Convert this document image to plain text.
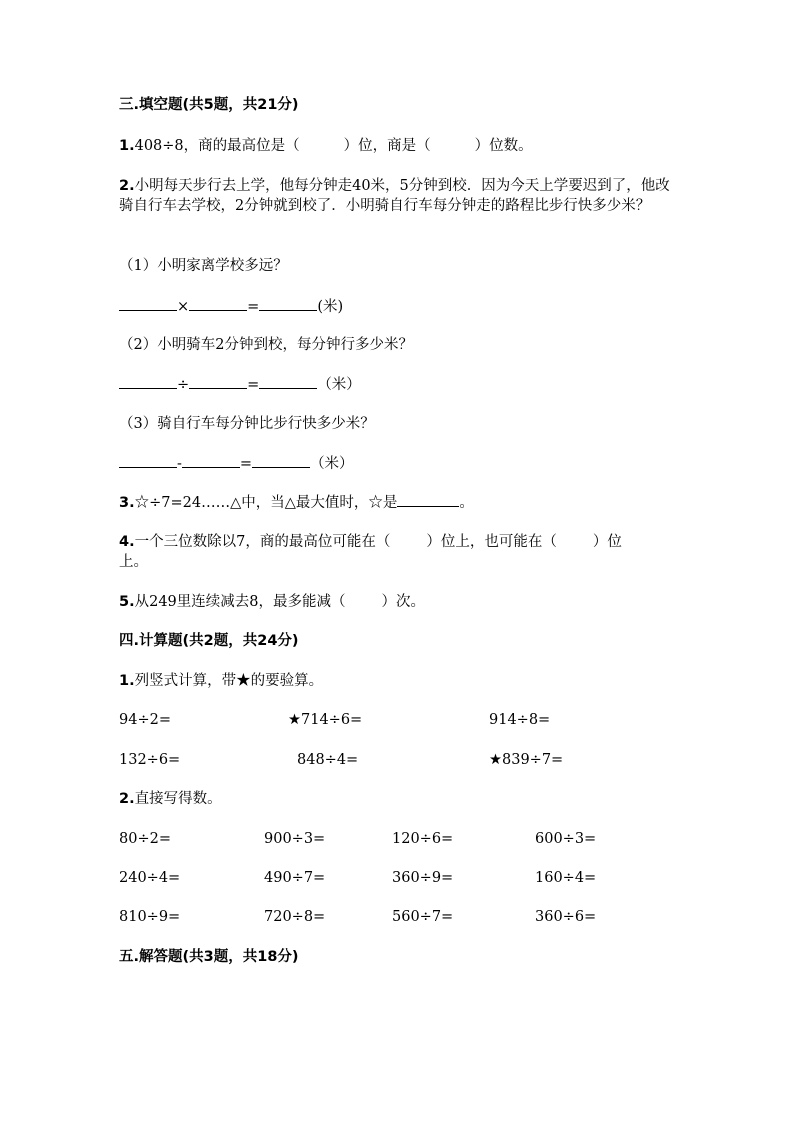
三.填空题(共5题，共21分)
1.408÷8，商的最高位是（	）位，商是（	）位数。
2.小明每天步行去上学，他每分钟走40米，5分钟到校．因为今天上学要迟到了，他改骑自行车去学校，2分钟就到校了．小明骑自行车每分钟走的路程比步行快多少米？
（1）小明家离学校多远？
×	=	(米)
（2）小明骑车2分钟到校，每分钟行多少米？
÷	=	（米）
（3）骑自行车每分钟比步行快多少米？
-	=	（米）
3.☆÷7=24……△中，当△最大值时，☆是	。
4.一个三位数除以7，商的最高位可能在（ ）位上，也可能在（ ）位
上。
5.从249里连续减去8，最多能减（ ）次。
四.计算题(共2题，共24分)
1.列竖式计算，带★的要验算。
94÷2=	★714÷6=	914÷8=
132÷6=	848÷4=	★839÷7=
2.直接写得数。
80÷2=	900÷3=	120÷6=	600÷3=
240÷4=	490÷7=	360÷9=	160÷4=
810÷9=	720÷8=	560÷7=	360÷6=
五.解答题(共3题，共18分)
